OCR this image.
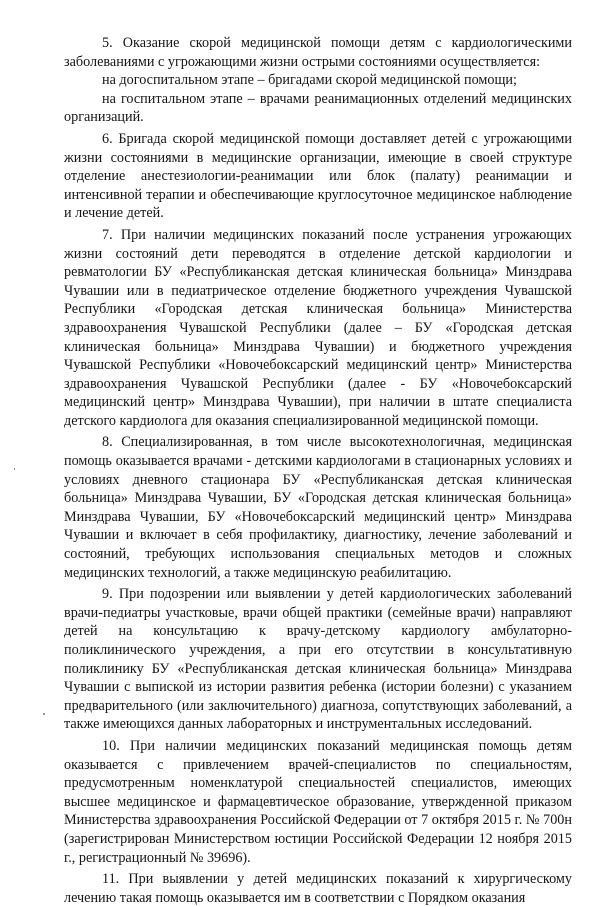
5. Оказание скорой медицинской помощи детям с кардиологическими заболеваниями с угрожающими жизни острыми состояниями осуществляется:

на догоспитальном этапе – бригадами скорой медицинской помощи;

на госпитальном этапе – врачами реанимационных отделений медицинских организаций.

6. Бригада скорой медицинской помощи доставляет детей с угрожающими жизни состояниями в медицинские организации, имеющие в своей структуре отделение анестезиологии-реанимации или блок (палату) реанимации и интенсивной терапии и обеспечивающие круглосуточное медицинское наблюдение и лечение детей.

7. При наличии медицинских показаний после устранения угрожающих жизни состояний дети переводятся в отделение детской кардиологии и ревматологии БУ «Республиканская детская клиническая больница» Минздрава Чувашии или в педиатрическое отделение бюджетного учреждения Чувашской Республики «Городская детская клиническая больница» Министерства здравоохранения Чувашской Республики (далее – БУ «Городская детская клиническая больница» Минздрава Чувашии) и бюджетного учреждения Чувашской Республики «Новочебоксарский медицинский центр» Министерства здравоохранения Чувашской Республики (далее - БУ «Новочебоксарский медицинский центр» Минздрава Чувашии), при наличии в штате специалиста детского кардиолога для оказания специализированной медицинской помощи.

8. Специализированная, в том числе высокотехнологичная, медицинская помощь оказывается врачами - детскими кардиологами в стационарных условиях и условиях дневного стационара БУ «Республиканская детская клиническая больница» Минздрава Чувашии, БУ «Городская детская клиническая больница» Минздрава Чувашии, БУ «Новочебоксарский медицинский центр» Минздрава Чувашии и включает в себя профилактику, диагностику, лечение заболеваний и состояний, требующих использования специальных методов и сложных медицинских технологий, а также медицинскую реабилитацию.

9. При подозрении или выявлении у детей кардиологических заболеваний врачи-педиатры участковые, врачи общей практики (семейные врачи) направляют детей на консультацию к врачу-детскому кардиологу амбулаторно-поликлинического учреждения, а при его отсутствии в консультативную поликлинику БУ «Республиканская детская клиническая больница» Минздрава Чувашии с выпиской из истории развития ребенка (истории болезни) с указанием предварительного (или заключительного) диагноза, сопутствующих заболеваний, а также имеющихся данных лабораторных и инструментальных исследований.

10. При наличии медицинских показаний медицинская помощь детям оказывается с привлечением врачей-специалистов по специальностям, предусмотренным номенклатурой специальностей специалистов, имеющих высшее медицинское и фармацевтическое образование, утвержденной приказом Министерства здравоохранения Российской Федерации от 7 октября 2015 г. № 700н (зарегистрирован Министерством юстиции Российской Федерации 12 ноября 2015 г., регистрационный № 39696).

11. При выявлении у детей медицинских показаний к хирургическому лечению такая помощь оказывается им в соответствии с Порядком оказания
